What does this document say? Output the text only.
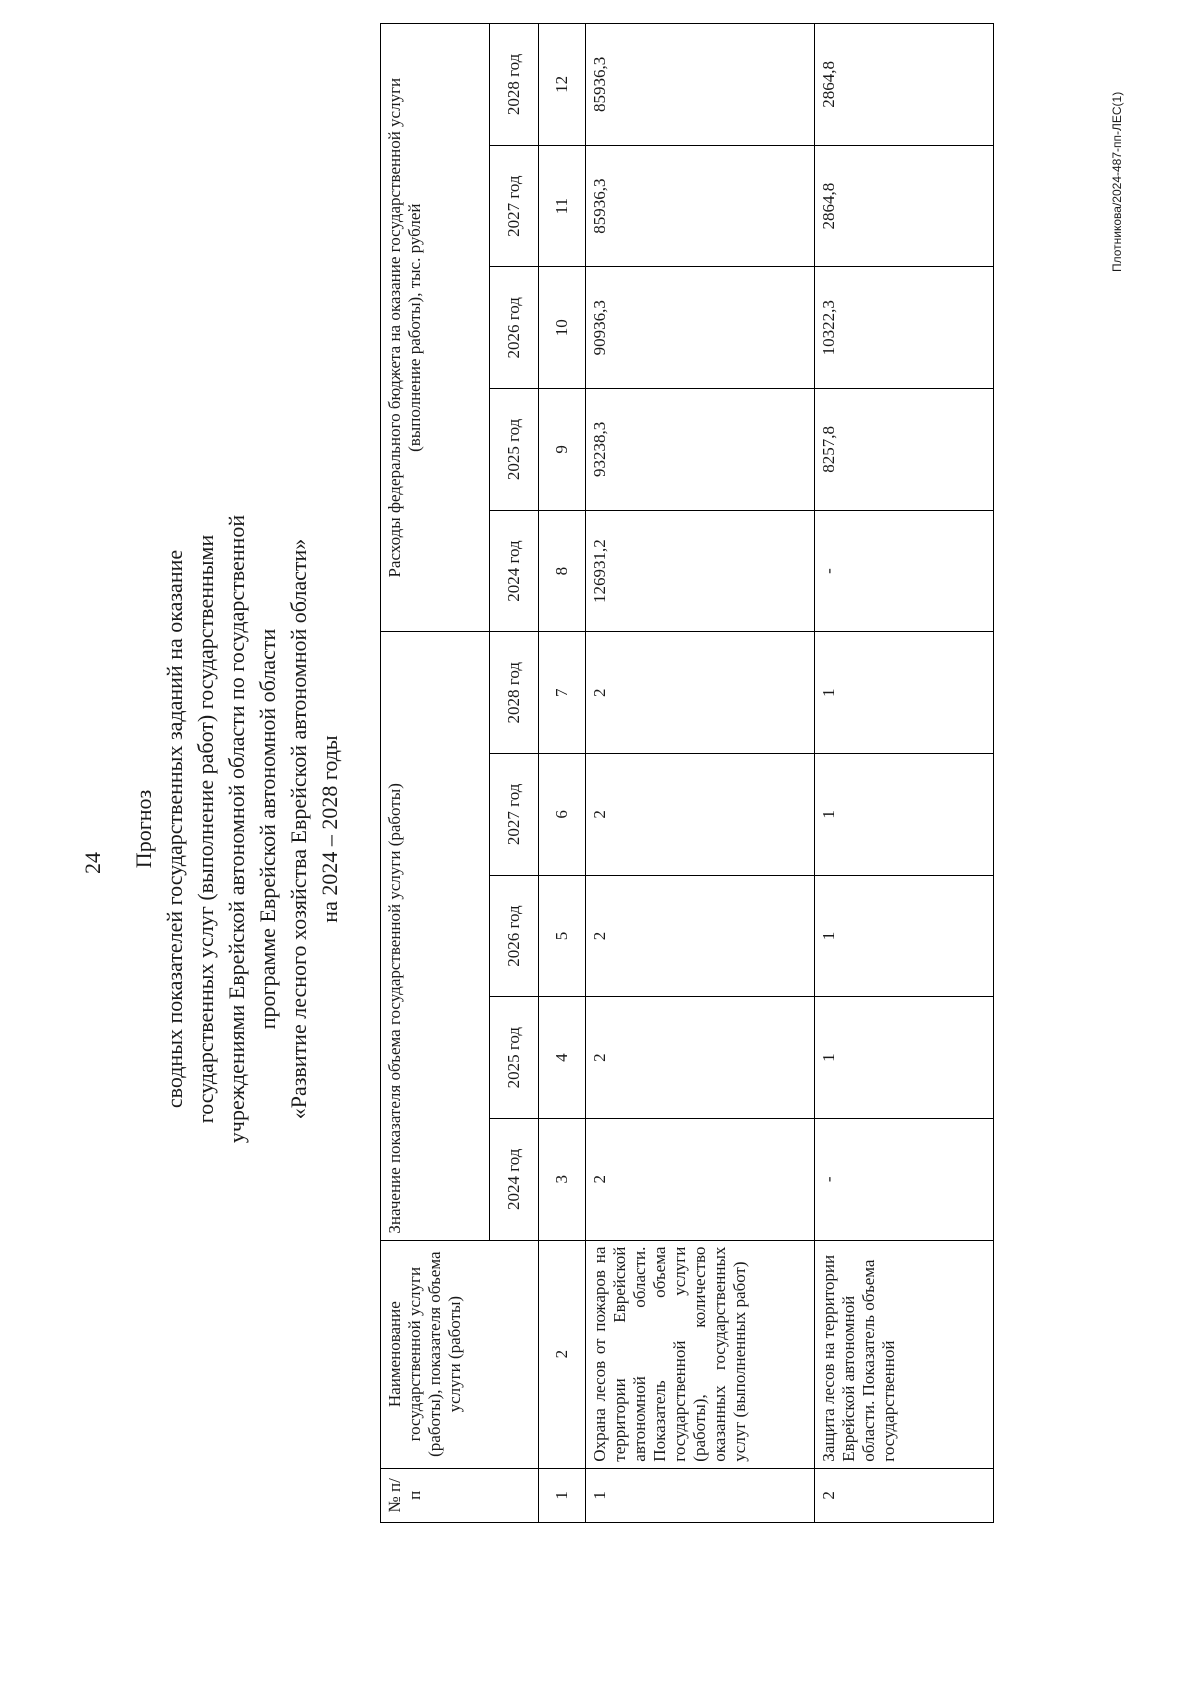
24 Прогноз сводных показателей государственных заданий на оказание государственных услуг (выполнение работ) государственными учреждениями Еврейской автономной области по государственной программе Еврейской автономной области «Развитие лесного хозяйства Еврейской автономной области» на 2024 – 2028 годы
№ п/п	Наименование государственной услуги (работы), показателя объема услуги (работы)	Значение показателя объема государственной услуги (работы)					Расходы федерального бюджета на оказание государственной услуги (выполнение работы), тыс. рублей				
		2024 год	2025 год	2026 год	2027 год	2028 год	2024 год	2025 год	2026 год	2027 год	2028 год
1	2	3	4	5	6	7	8	9	10	11	12
1	Охрана лесов от пожаров на территории Еврейской автономной области. Показатель объема государственной услуги (работы), количество оказанных государственных услуг (выполненных работ)	2	2	2	2	2	126931,2	93238,3	90936,3	85936,3	85936,3
2	Защита лесов на территории Еврейской автономной области. Показатель объема государственной	-	1	1	1	1	-	8257,8	10322,3	2864,8	2864,8
Плотникова/2024-487-пп-ЛЕС(1)
